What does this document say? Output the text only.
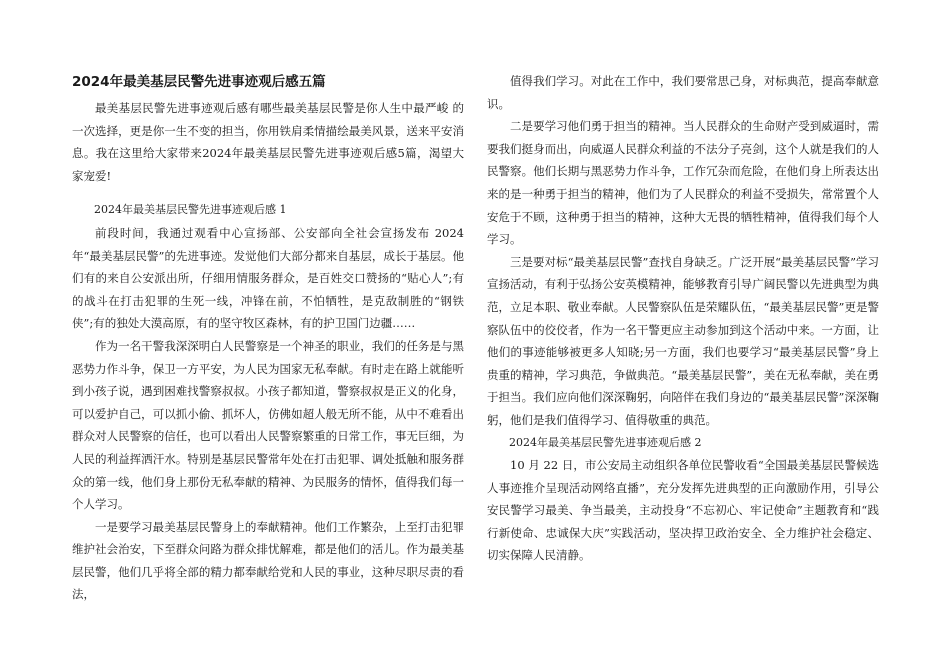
2024年最美基层民警先进事迹观后感五篇

最美基层民警先进事迹观后感有哪些最美基层民警是你人生中最严峻 的一次选择，更是你一生不变的担当，你用铁肩柔情描绘最美风景，送来平安消息。我在这里给大家带来2024年最美基层民警先进事迹观后感5篇，渴望大家宠爱!

2024年最美基层民警先进事迹观后感 1

前段时间，我通过观看中心宣扬部、公安部向全社会宣扬发布 2024 年“最美基层民警”的先进事迹。发觉他们大部分都来自基层，成长于基层。他们有的来自公安派出所，仔细用情服务群众，是百姓交口赞扬的“贴心人”;有的战斗在打击犯罪的生死一线，冲锋在前，不怕牺牲，是克敌制胜的“钢铁侠”;有的独处大漠高原，有的坚守牧区森林，有的护卫国门边疆……

作为一名干警我深深明白人民警察是一个神圣的职业，我们的任务是与黑恶势力作斗争，保卫一方平安，为人民为国家无私奉献。有时走在路上就能听到小孩子说，遇到困难找警察叔叔。小孩子都知道，警察叔叔是正义的化身，可以爱护自己，可以抓小偷、抓坏人，仿佛如超人般无所不能，从中不难看出群众对人民警察的信任，也可以看出人民警察繁重的日常工作，事无巨细，为人民的利益挥洒汗水。特别是基层民警常年处在打击犯罪、调处抵触和服务群众的第一线，他们身上那份无私奉献的精神、为民服务的情怀，值得我们每一个人学习。

一是要学习最美基层民警身上的奉献精神。他们工作繁杂，上至打击犯罪维护社会治安，下至群众问路为群众排忧解难，都是他们的活儿。作为最美基层民警，他们几乎将全部的精力都奉献给党和人民的事业，这种尽职尽责的看法，

值得我们学习。对此在工作中，我们要常思己身，对标典范，提高奉献意识。

二是要学习他们勇于担当的精神。当人民群众的生命财产受到威逼时，需要我们挺身而出，向威逼人民群众利益的不法分子亮剑，这个人就是我们的人民警察。他们长期与黑恶势力作斗争，工作冗杂而危险，在他们身上所表达出来的是一种勇于担当的精神，他们为了人民群众的利益不受损失，常常置个人安危于不顾，这种勇于担当的精神，这种大无畏的牺牲精神，值得我们每个人学习。

三是要对标“最美基层民警”查找自身缺乏。广泛开展“最美基层民警”学习宣扬活动，有利于弘扬公安英模精神，能够教育引导广阔民警以先进典型为典范，立足本职、敬业奉献。人民警察队伍是荣耀队伍，“最美基层民警”更是警察队伍中的佼佼者，作为一名干警更应主动参加到这个活动中来。一方面，让他们的事迹能够被更多人知晓;另一方面，我们也要学习“最美基层民警”身上贵重的精神，学习典范，争做典范。“最美基层民警”，美在无私奉献，美在勇于担当。我们应向他们深深鞠躬，向陪伴在我们身边的“最美基层民警”深深鞠躬，他们是我们值得学习、值得敬重的典范。

2024年最美基层民警先进事迹观后感 2

10 月 22 日，市公安局主动组织各单位民警收看“全国最美基层民警候选人事迹推介呈现活动网络直播”，充分发挥先进典型的正向激励作用，引导公安民警学习最美、争当最美，主动投身“不忘初心、牢记使命”主题教育和“践行新使命、忠诚保大庆”实践活动，坚决捍卫政治安全、全力维护社会稳定、切实保障人民清静。
